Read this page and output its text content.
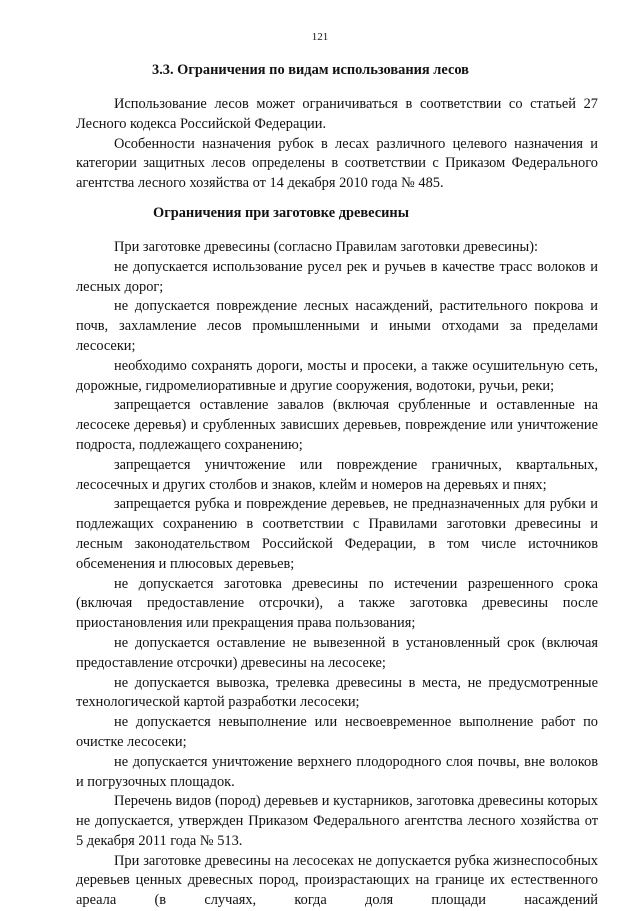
121
3.3. Ограничения по видам использования лесов

Использование лесов может ограничиваться в соответствии со статьей 27 Лесного кодекса Российской Федерации.

Особенности назначения рубок в лесах различного целевого назначения и категории защитных лесов определены в соответствии с Приказом Федерального агентства лесного хозяйства от 14 декабря 2010 года № 485.

Ограничения при заготовке древесины

При заготовке древесины (согласно Правилам заготовки древесины):

не допускается использование русел рек и ручьев в качестве трасс волоков и лесных дорог;

не допускается повреждение лесных насаждений, растительного покрова и почв, захламление лесов промышленными и иными отходами за пределами лесосеки;

необходимо сохранять дороги, мосты и просеки, а также осушительную сеть, дорожные, гидромелиоративные и другие сооружения, водотоки, ручьи, реки;

запрещается оставление завалов (включая срубленные и оставленные на лесосеке деревья) и срубленных зависших деревьев, повреждение или уничтожение подроста, подлежащего сохранению;

запрещается уничтожение или повреждение граничных, квартальных, лесосечных и других столбов и знаков, клейм и номеров на деревьях и пнях;

запрещается рубка и повреждение деревьев, не предназначенных для рубки и подлежащих сохранению в соответствии с Правилами заготовки древесины и лесным законодательством Российской Федерации, в том числе источников обсеменения и плюсовых деревьев;

не допускается заготовка древесины по истечении разрешенного срока (включая предоставление отсрочки), а также заготовка древесины после приостановления или прекращения права пользования;

не допускается оставление не вывезенной в установленный срок (включая предоставление отсрочки) древесины на лесосеке;

не допускается вывозка, трелевка древесины в места, не предусмотренные технологической картой разработки лесосеки;

не допускается невыполнение или несвоевременное выполнение работ по очистке лесосеки;

не допускается уничтожение верхнего плодородного слоя почвы, вне волоков и погрузочных площадок.

Перечень видов (пород) деревьев и кустарников, заготовка древесины которых не допускается, утвержден Приказом Федерального агентства лесного хозяйства от 5 декабря 2011 года № 513.

При заготовке древесины на лесосеках не допускается рубка жизнеспособных деревьев ценных древесных пород, произрастающих на границе их естественного ареала (в случаях, когда доля площади насаждений
